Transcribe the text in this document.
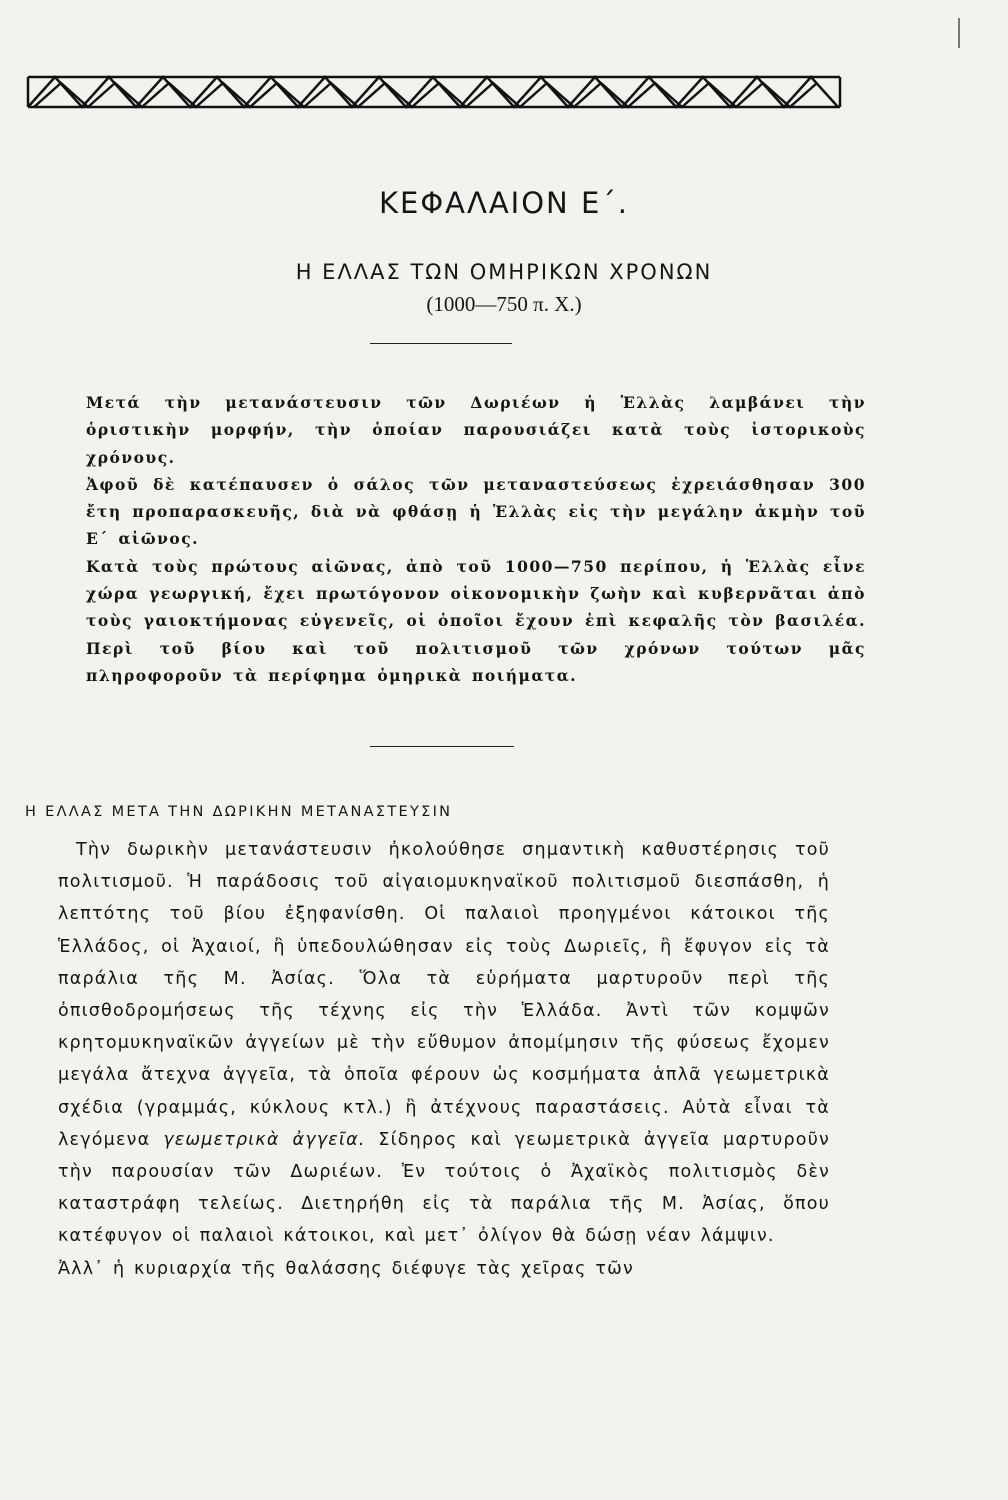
ΚΕΦΑΛΑΙΟΝ Ε΄.
Η ΕΛΛΑΣ ΤΩΝ ΟΜΗΡΙΚΩΝ ΧΡΟΝΩΝ
(1000—750 π. Χ.)

Μετά τὴν μετανάστευσιν τῶν Δωριέων ἡ Ἑλλὰς λαμβάνει τὴν ὁριστικὴν μορφήν, τὴν ὁποίαν παρουσιάζει κατὰ τοὺς ἱστορικοὺς χρόνους.

Ἀφοῦ δὲ κατέπαυσεν ὁ σάλος τῶν μεταναστεύσεως ἐχρειάσθησαν 300 ἔτη προπαρασκευῆς, διὰ νὰ φθάσῃ ἡ Ἑλλὰς εἰς τὴν μεγάλην ἀκμὴν τοῦ Ε΄ αἰῶνος.

Κατὰ τοὺς πρώτους αἰῶνας, ἀπὸ τοῦ 1000—750 περίπου, ἡ Ἑλλὰς εἶνε χώρα γεωργική, ἔχει πρωτόγονον οἰκονομικὴν ζωὴν καὶ κυβερνᾶται ἀπὸ τοὺς γαιοκτήμονας εὐγενεῖς, οἱ ὁποῖοι ἔχουν ἐπὶ κεφαλῆς τὸν βασιλέα. Περὶ τοῦ βίου καὶ τοῦ πολιτισμοῦ τῶν χρόνων τούτων μᾶς πληροφοροῦν τὰ περίφημα ὁμηρικὰ ποιήματα.

Η ΕΛΛΑΣ ΜΕΤΑ ΤΗΝ ΔΩΡΙΚΗΝ ΜΕΤΑΝΑΣΤΕΥΣΙΝ

Τὴν δωρικὴν μετανάστευσιν ἠκολούθησε σημαντικὴ καθυστέρησις τοῦ πολιτισμοῦ. Ἡ παράδοσις τοῦ αἰγαιομυκηναϊκοῦ πολιτισμοῦ διεσπάσθη, ἡ λεπτότης τοῦ βίου ἐξηφανίσθη. Οἱ παλαιοὶ προηγμένοι κάτοικοι τῆς Ἑλλάδος, οἱ Ἀχαιοί, ἢ ὑπεδουλώθησαν εἰς τοὺς Δωριεῖς, ἢ ἔφυγον εἰς τὰ παράλια τῆς Μ. Ἀσίας. Ὅλα τὰ εὑρήματα μαρτυροῦν περὶ τῆς ὀπισθοδρομήσεως τῆς τέχνης εἰς τὴν Ἑλλάδα. Ἀντὶ τῶν κομψῶν κρητομυκηναϊκῶν ἀγγείων μὲ τὴν εὔθυμον ἀπομίμησιν τῆς φύσεως ἔχομεν μεγάλα ἄτεχνα ἀγγεῖα, τὰ ὁποῖα φέρουν ὡς κοσμήματα ἁπλᾶ γεωμετρικὰ σχέδια (γραμμάς, κύκλους κτλ.) ἢ ἀτέχνους παραστάσεις. Αὐτὰ εἶναι τὰ λεγόμενα γεωμετρικὰ ἀγγεῖα. Σίδηρος καὶ γεωμετρικὰ ἀγγεῖα μαρτυροῦν τὴν παρουσίαν τῶν Δωριέων. Ἐν τούτοις ὁ Ἀχαϊκὸς πολιτισμὸς δὲν καταστράφη τελείως. Διετηρήθη εἰς τὰ παράλια τῆς Μ. Ἀσίας, ὅπου κατέφυγον οἱ παλαιοὶ κάτοικοι, καὶ μετ᾿ ὀλίγον θὰ δώσῃ νέαν λάμψιν.

Ἀλλ᾿ ἡ κυριαρχία τῆς θαλάσσης διέφυγε τὰς χεῖρας τῶν
